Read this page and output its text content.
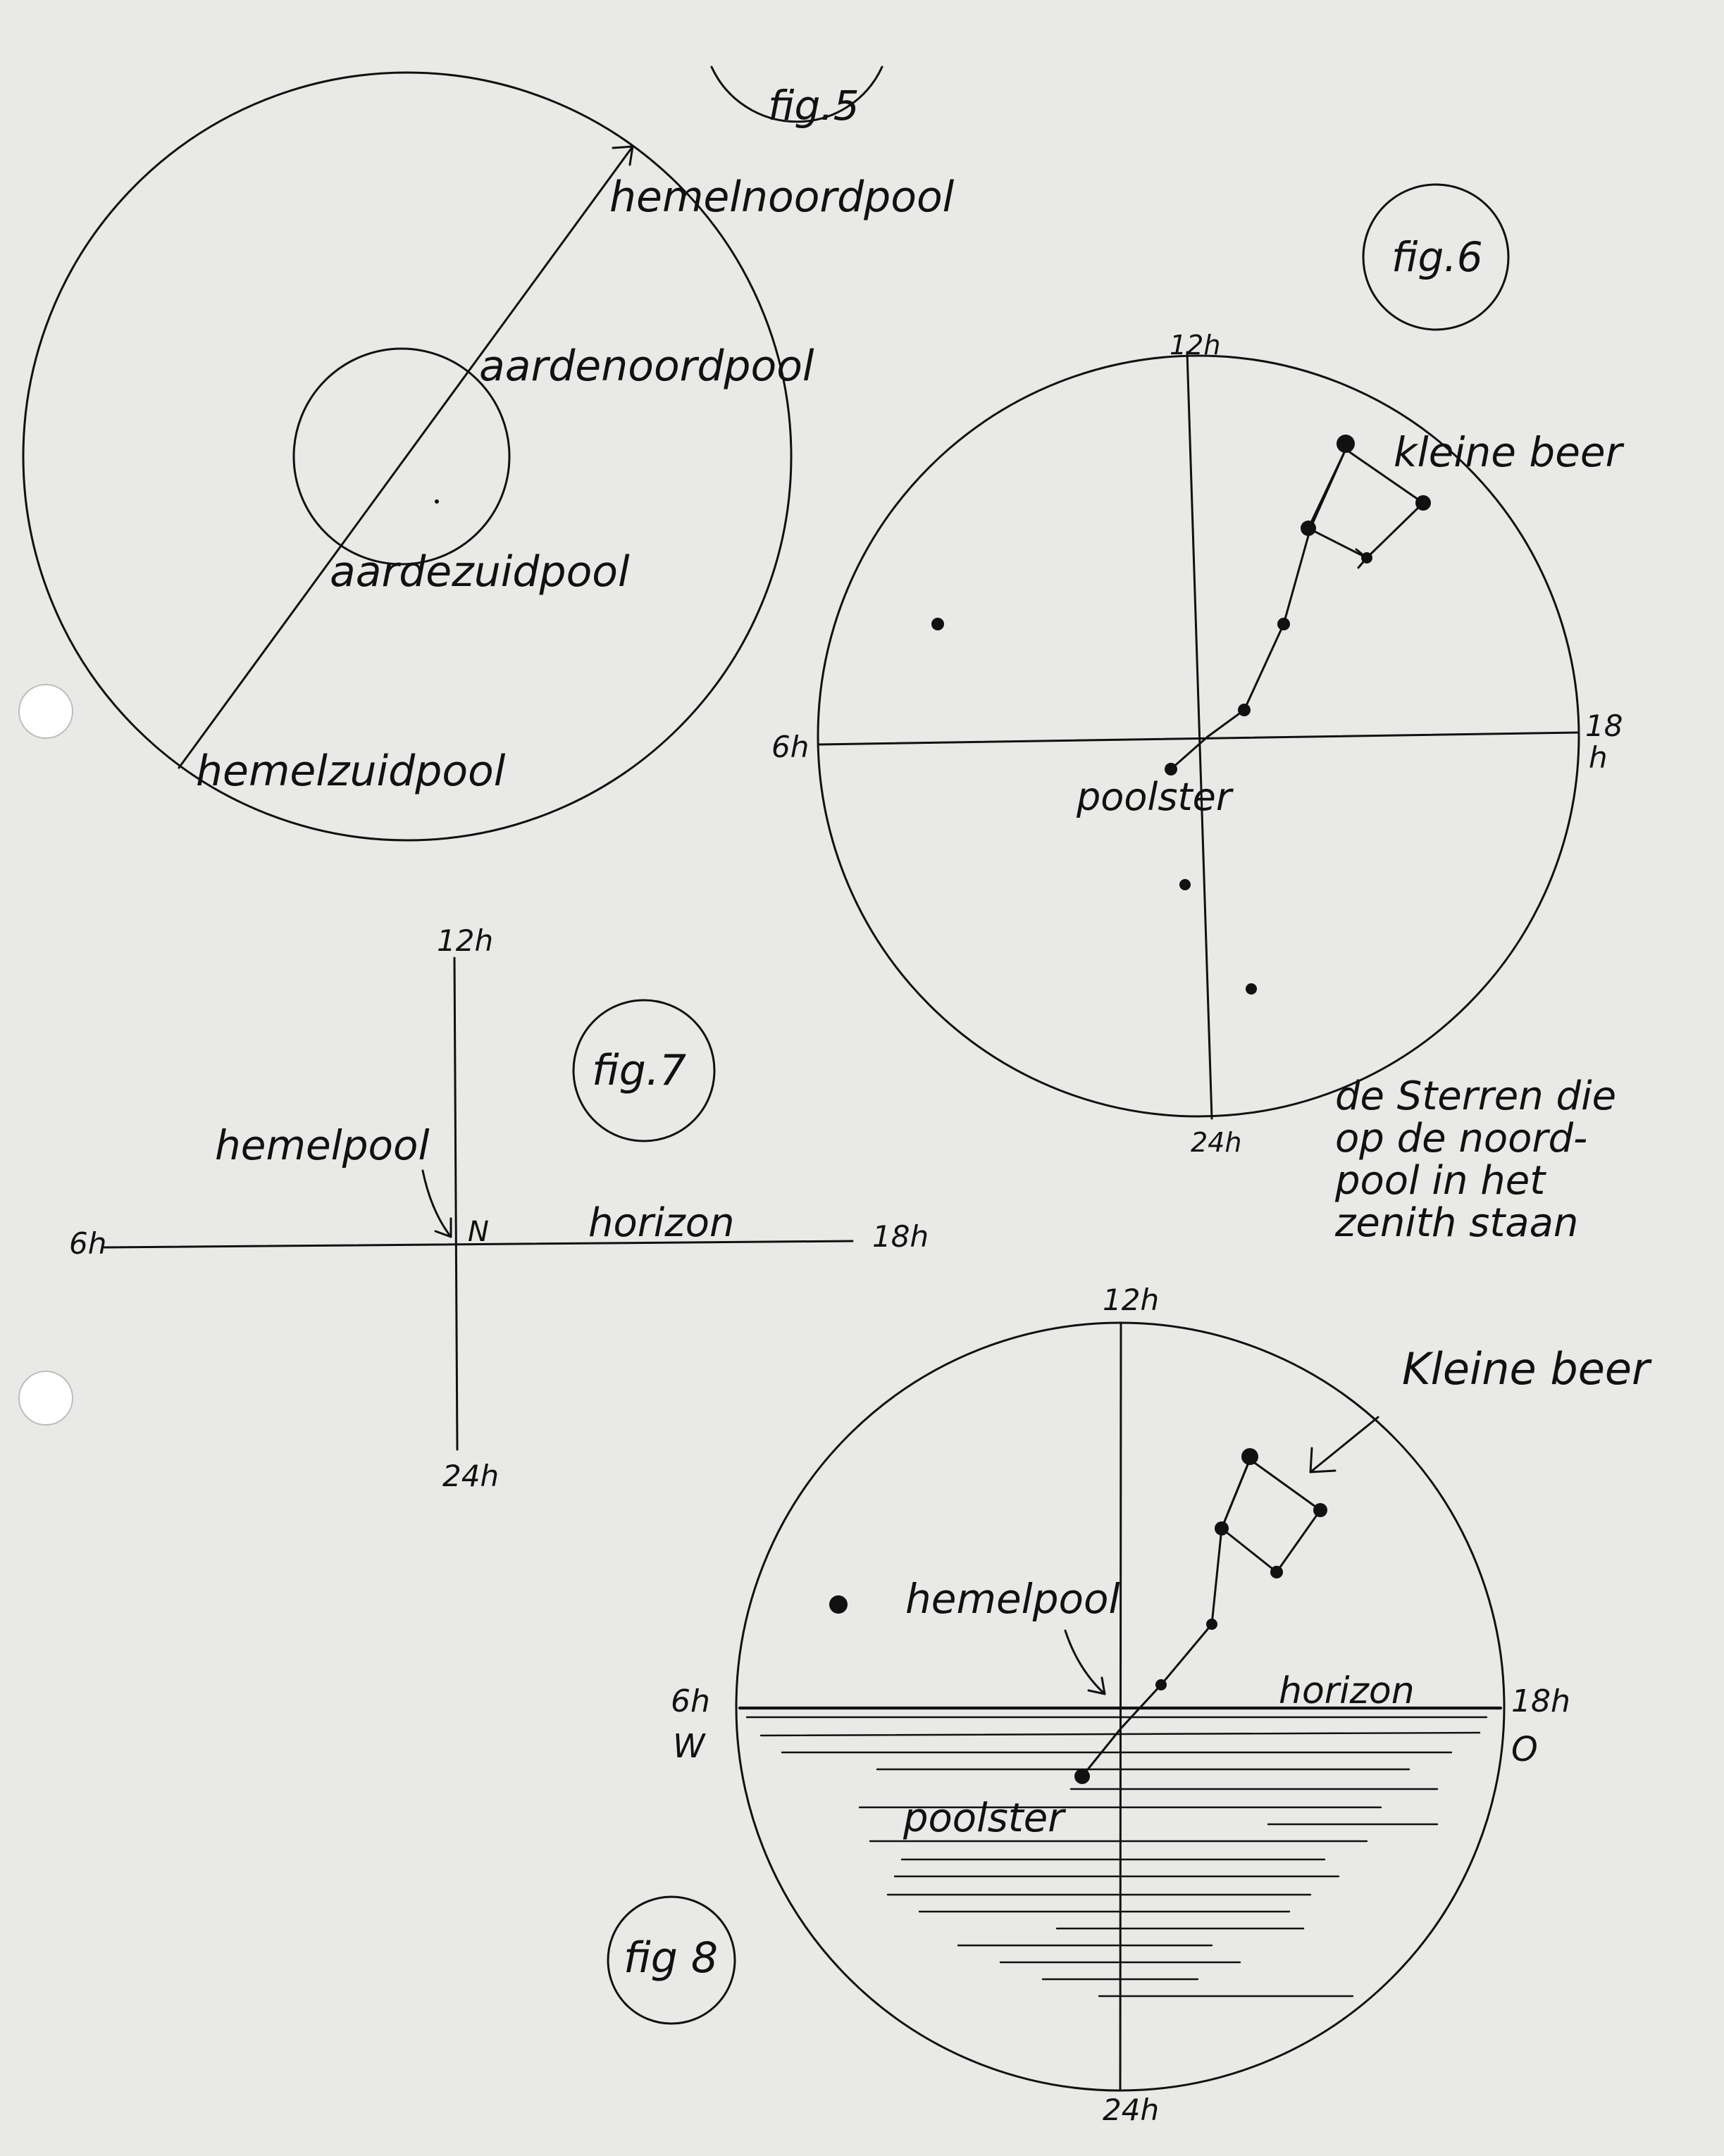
fig.5
hemelnoordpool
aardenoordpool
aardezuidpool
hemelzuidpool
fig.6
12h
6h
18
h
24h
kleine beer
poolster
de Sterren die
op de noord-
pool in het
zenith staan
fig.7
12h
6h	18h
24h
hemelpool
N	horizon
fig 8
12h
6h
W
18h
O
24h
Kleine beer
hemelpool
horizon
poolster
